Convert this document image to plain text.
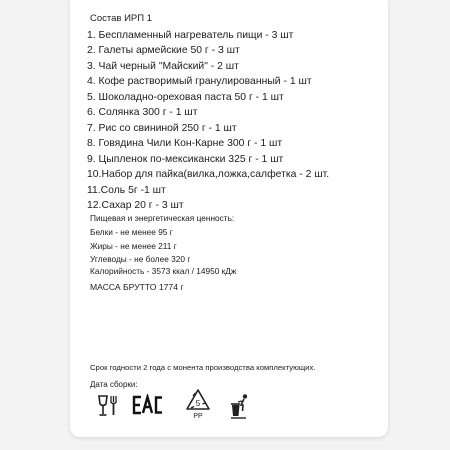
Состав ИРП 1
1. Беспламенный нагреватель пищи - 3 шт
2. Галеты армейские 50 г - 3 шт
3. Чай черный "Майский" - 2 шт
4. Кофе растворимый гранулированный - 1 шт
5. Шоколадно-ореховая паста 50 г - 1 шт
6. Солянка 300 г - 1 шт
7. Рис со свининой 250 г - 1 шт
8. Говядина Чили Кон-Карне 300 г - 1 шт
9. Цыпленок по-мексикански 325 г - 1 шт
10.Набор для пайка(вилка,ложка,салфетка - 2 шт.
11.Соль 5г -1 шт
12.Сахар 20 г - 3 шт
Пищевая и энергетическая ценность:
Белки - не менее 95 г
Жиры - не менее 211 г
Углеводы - не более 320 г
Калорийность - 3573 ккал / 14950 кДж
МАССА БРУТТО 1774 г
Срок годности 2 года с монента производства комплектующих.
Дата сборки:
5
PP
